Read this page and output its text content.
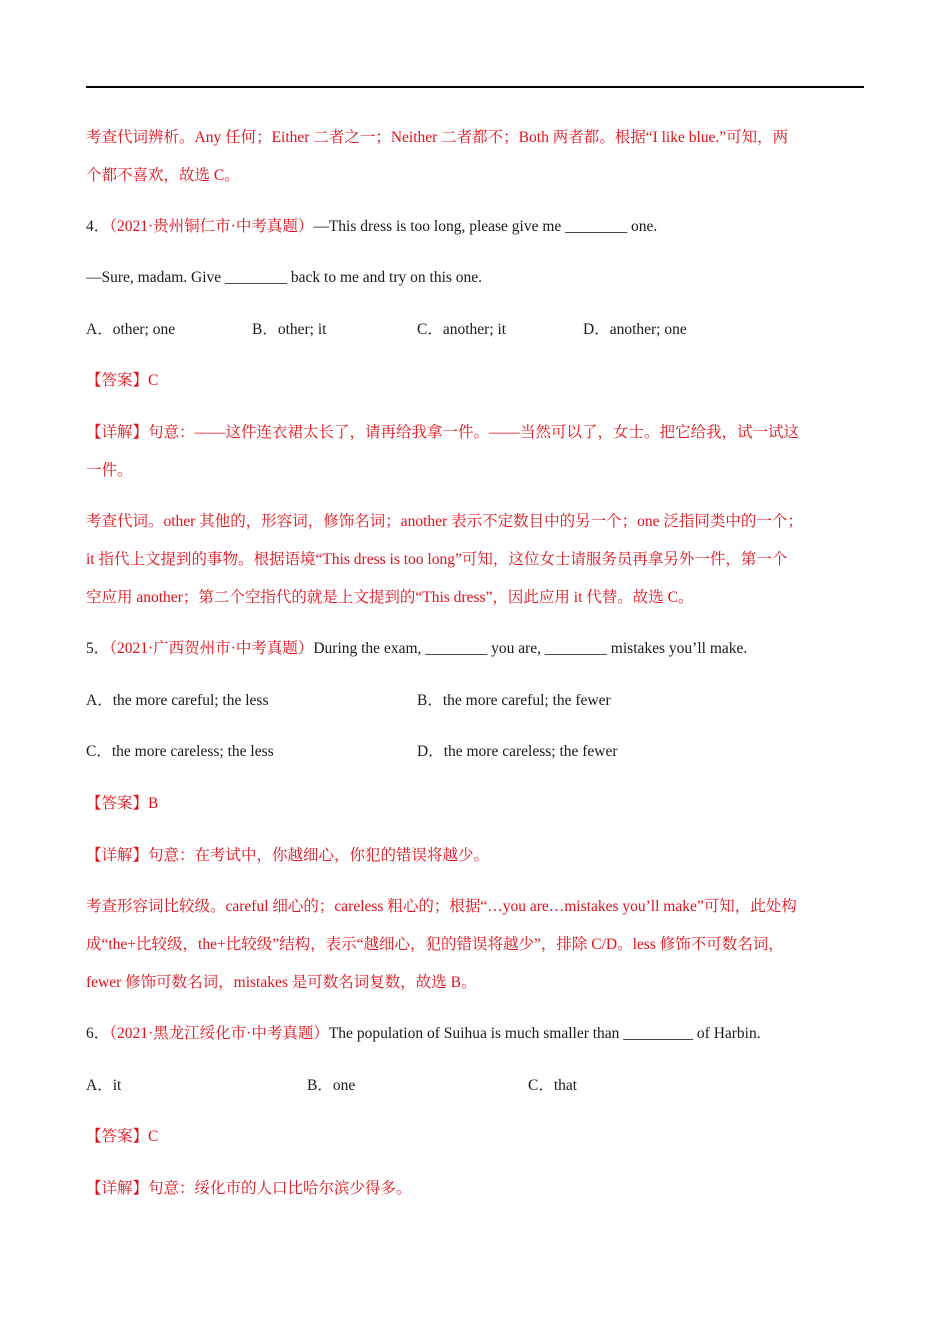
考查代词辨析。Any 任何；Either 二者之一；Neither 二者都不；Both 两者都。根据“I like blue.”可知，两
个都不喜欢，故选 C。
4．（2021·贵州铜仁市·中考真题）—This dress is too long, please give me ________ one.
—Sure, madam. Give ________ back to me and try on this one.
A．other; one	B．other; it	C．another; it	D．another; one
【答案】C
【详解】句意：——这件连衣裙太长了，请再给我拿一件。——当然可以了，女士。把它给我，试一试这
一件。
考查代词。other 其他的，形容词，修饰名词；another 表示不定数目中的另一个；one 泛指同类中的一个；
it 指代上文提到的事物。根据语境“This dress is too long”可知，这位女士请服务员再拿另外一件，第一个
空应用 another；第二个空指代的就是上文提到的“This dress”，因此应用 it 代替。故选 C。
5．（2021·广西贺州市·中考真题）During the exam, ________ you are, ________ mistakes you’ll make.
A．the more careful; the less	B．the more careful; the fewer
C．the more careless; the less	D．the more careless; the fewer
【答案】B
【详解】句意：在考试中，你越细心，你犯的错误将越少。
考查形容词比较级。careful 细心的；careless 粗心的；根据“…you are…mistakes you’ll make”可知，此处构
成“the+比较级，the+比较级”结构，表示“越细心，犯的错误将越少”，排除 C/D。less 修饰不可数名词，
fewer 修饰可数名词，mistakes 是可数名词复数，故选 B。
6．（2021·黑龙江绥化市·中考真题）The population of Suihua is much smaller than _________ of Harbin.
A．it	B．one	C．that
【答案】C
【详解】句意：绥化市的人口比哈尔滨少得多。
